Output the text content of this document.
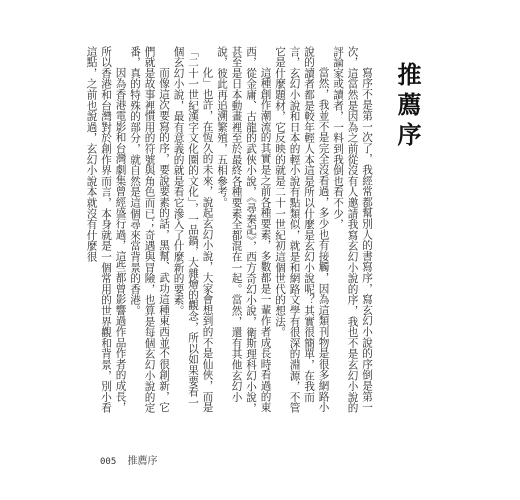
推薦序

寫序不是第一次了，我經常都幫別人的書寫序，寫玄幻小說的序倒是第一次，這當然是因為之前從沒有人邀請我寫玄幻小說的序，我也不是玄幻小說的評論家或讀者，一料到我倒也看不少，

當然，我並不是完全沒看過，多少也有接觸，因為這類刊物是很多網路小說的讀者都是較年輕人本這是所以什麼是玄幻小說呢？其實很簡單，在我而言，玄幻小說和日本的輕小說有點類似，就是和網路文學有很深的淵源，不管它是什麼題材，它反映的就是二十一世紀初這個世代的想法。

這種創作潮流的其實是之前各種要素，多數都是一輩作者成長時看過的東西，從金庸、古龍的武俠小說，《尋秦記》，西方奇幻小說，衛斯理科幻小說，甚至是日本動畫裡至於最終各種要素全都混在一起。當然，還有其他玄幻小說，彼此再追溯繁殖，五相參考。

化」也許，在恆久的未來，說起玄幻小說，大家會想到的不是仙俠，而是「二十一世紀漢字文化圈的文化」，一品鍋，大雜燴的觀念，所以如果要看一個玄幻小說，最有意義的就是看它滲入了什麼新的要素。

而像這次要寫的序，要說要素的話，黑幫、武功這種東西並不很創新，它們就是故事裡慣用的符號與角色而已；奇遇與冒險，也算是每個玄幻小說的定番，真的特殊的部分，就自然是這個尋來當背景的香港。

因為香港電影和台灣劇集曾經盛行過，這些都曾影響過作品作者的成長，所以香港和台灣對於創作界而言，本身就是一個常用的世界觀和背景，別小看這點，之前也說過，玄幻小說本就沒有什麼很

005 推薦序
